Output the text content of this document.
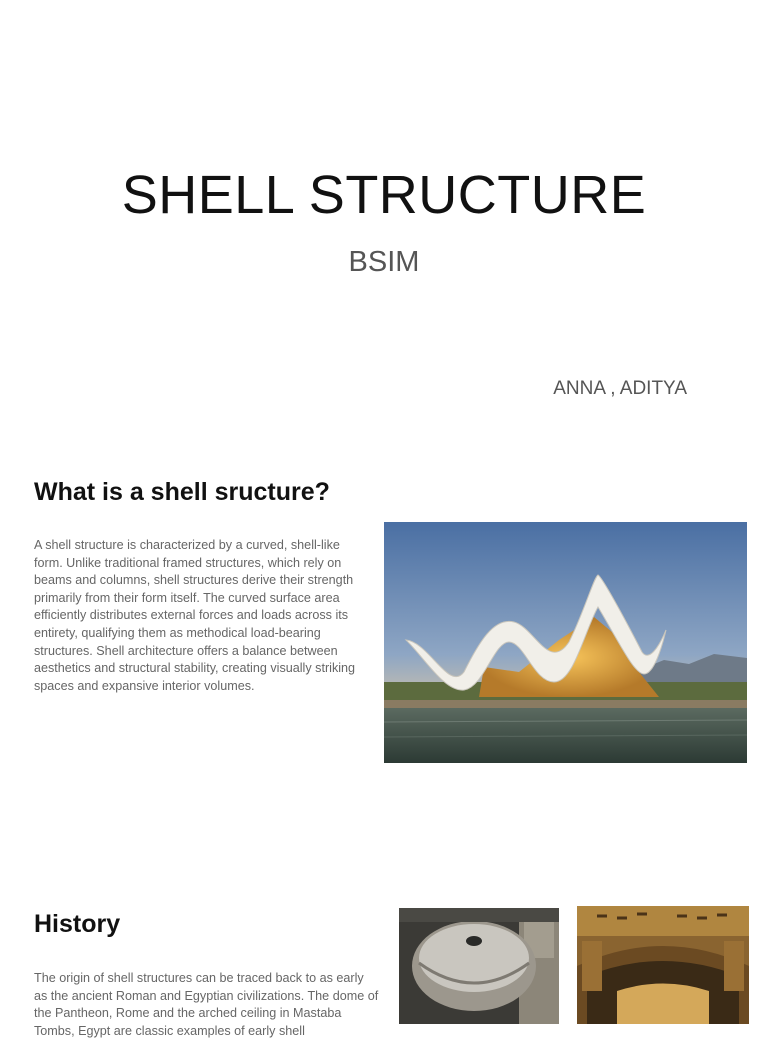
SHELL STRUCTURE
BSIM
ANNA , ADITYA
What is a shell sructure?

A shell structure is characterized by a curved, shell-like form. Unlike traditional framed structures, which rely on beams and columns, shell structures derive their strength primarily from their form itself. The curved surface area efficiently distributes external forces and loads across its entirety, qualifying them as methodical load-bearing structures. Shell architecture offers a balance between aesthetics and structural stability, creating visually striking spaces and expansive interior volumes.

History

The origin of shell structures can be traced back to as early as the ancient Roman and Egyptian civilizations. The dome of the Pantheon, Rome and the arched ceiling in Mastaba Tombs, Egypt are classic examples of early shell
